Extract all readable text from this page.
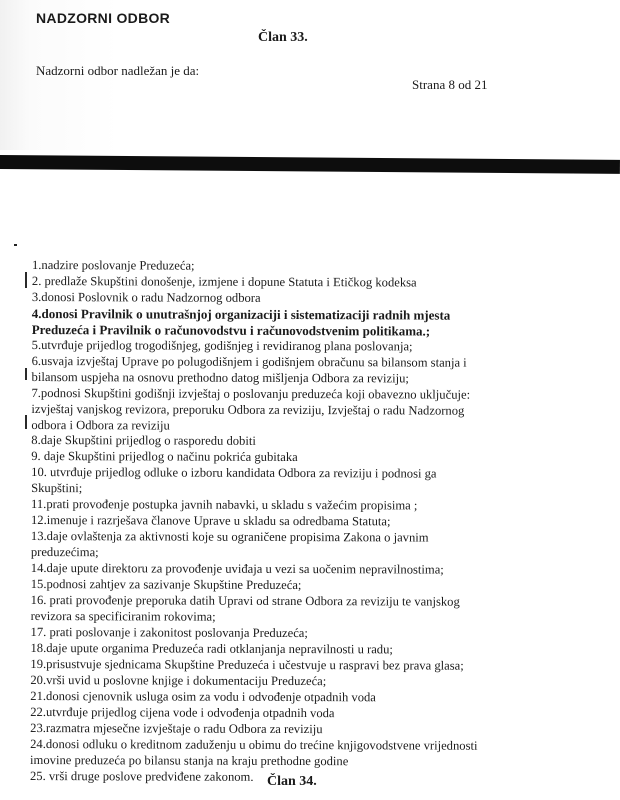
NADZORNI ODBOR
Član 33.
Nadzorni odbor nadležan je da:
Strana 8 od 21
1.nadzire poslovanje Preduzeća;
2. predlaže Skupštini donošenje, izmjene i dopune Statuta i Etičkog kodeksa
3.donosi Poslovnik o radu Nadzornog odbora
4.donosi Pravilnik o unutrašnjoj organizaciji i sistematizaciji radnih mjesta
Preduzeća i Pravilnik o računovodstvu i računovodstvenim politikama.;
5.utvrđuje prijedlog trogodišnjeg, godišnjeg i revidiranog plana poslovanja;
6.usvaja izvještaj Uprave po polugodišnjem i godišnjem obračunu sa bilansom stanja i
bilansom uspjeha na osnovu prethodno datog mišljenja Odbora za reviziju;
7.podnosi Skupštini godišnji izvještaj o poslovanju preduzeća koji obavezno uključuje:
izvještaj vanjskog revizora, preporuku Odbora za reviziju, Izvještaj o radu Nadzornog
odbora i Odbora za reviziju
8.daje Skupštini prijedlog o rasporedu dobiti
9. daje Skupštini prijedlog o načinu pokrića gubitaka
10. utvrđuje prijedlog odluke o izboru kandidata Odbora za reviziju i podnosi ga
Skupštini;
11.prati provođenje postupka javnih nabavki, u skladu s važećim propisima ;
12.imenuje i razrješava članove Uprave u skladu sa odredbama Statuta;
13.daje ovlaštenja za aktivnosti koje su ograničene propisima Zakona o javnim
preduzećima;
14.daje upute direktoru za provođenje uviđaja u vezi sa uočenim nepravilnostima;
15.podnosi zahtjev za sazivanje Skupštine Preduzeća;
16. prati provođenje preporuka datih Upravi od strane Odbora za reviziju te vanjskog
revizora sa specificiranim rokovima;
17. prati poslovanje i zakonitost poslovanja Preduzeća;
18.daje upute organima Preduzeća radi otklanjanja nepravilnosti u radu;
19.prisustvuje sjednicama Skupštine Preduzeća i učestvuje u raspravi bez prava glasa;
20.vrši uvid u poslovne knjige i dokumentaciju Preduzeća;
21.donosi cjenovnik usluga osim za vodu i odvođenje otpadnih voda
22.utvrđuje prijedlog cijena vode i odvođenja otpadnih voda
23.razmatra mjesečne izvještaje o radu Odbora za reviziju
24.donosi odluku o kreditnom zaduženju u obimu do trećine knjigovodstvene vrijednosti
imovine preduzeća po bilansu stanja na kraju prethodne godine
25. vrši druge poslove predviđene zakonom. Član 34.
